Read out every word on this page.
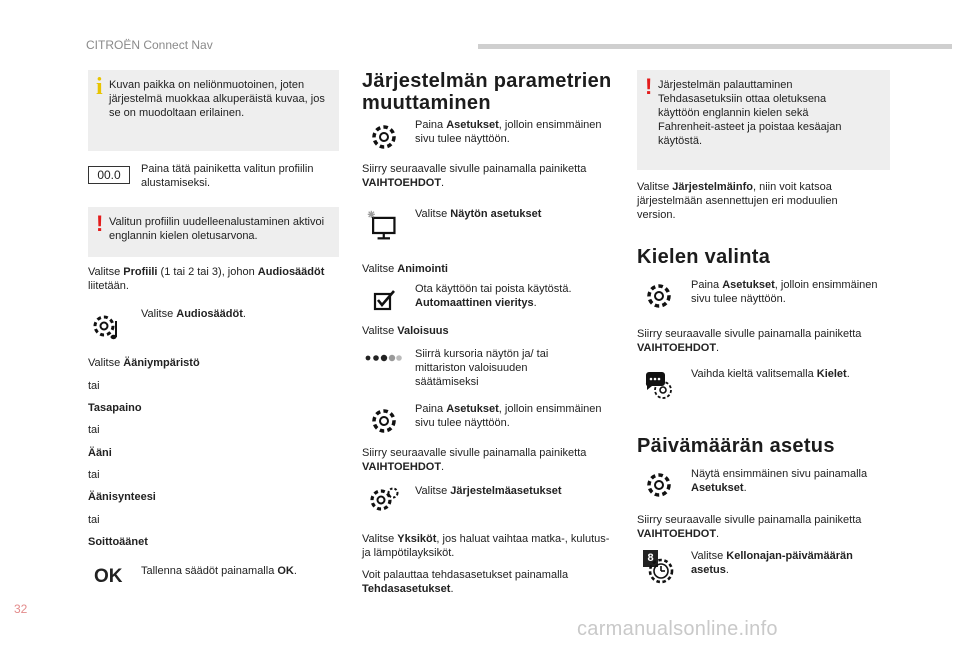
CITROËN Connect Nav
i Kuvan paikka on neliönmuotoinen, joten järjestelmä muokkaa alkuperäistä kuvaa, jos se on muodoltaan erilainen.
00.0	Paina tätä painiketta valitun profiilin alustamiseksi.
! Valitun profiilin uudelleenalustaminen aktivoi englannin kielen oletusarvona.
Valitse Profiili (1 tai 2 tai 3), johon Audiosäädöt liitetään.
Valitse Audiosäädöt.
Valitse Ääniympäristö
tai
Tasapaino
tai
Ääni
tai
Äänisynteesi
tai
Soittoäänet
OK Tallenna säädöt painamalla OK.
Järjestelmän parametrien
muuttaminen
Paina Asetukset, jolloin ensimmäinen sivu tulee näyttöön.
Siirry seuraavalle sivulle painamalla painiketta
VAIHTOEHDOT.
Valitse Näytön asetukset
Valitse Animointi
Ota käyttöön tai poista käytöstä.
Automaattinen vieritys.
Valitse Valoisuus
Siirrä kursoria näytön ja/ tai mittariston valoisuuden säätämiseksi
Paina Asetukset, jolloin ensimmäinen sivu tulee näyttöön.
Siirry seuraavalle sivulle painamalla painiketta
VAIHTOEHDOT.
Valitse Järjestelmäasetukset
Valitse Yksiköt, jos haluat vaihtaa matka-, kulutus- ja lämpötilayksiköt.
Voit palauttaa tehdasasetukset painamalla
Tehdasasetukset.
! Järjestelmän palauttaminen Tehdasasetuksiin ottaa oletuksena käyttöön englannin kielen sekä Fahrenheit-asteet ja poistaa kesäajan käytöstä.
Valitse Järjestelmäinfo, niin voit katsoa järjestelmään asennettujen eri moduulien version.
Kielen valinta
Paina Asetukset, jolloin ensimmäinen sivu tulee näyttöön.
Siirry seuraavalle sivulle painamalla painiketta
VAIHTOEHDOT.
Vaihda kieltä valitsemalla Kielet.
Päivämäärän asetus
Näytä ensimmäinen sivu painamalla Asetukset.
Siirry seuraavalle sivulle painamalla painiketta
VAIHTOEHDOT.
8	Valitse Kellonajan-päivämäärän asetus.
32
carmanualsonline.info
